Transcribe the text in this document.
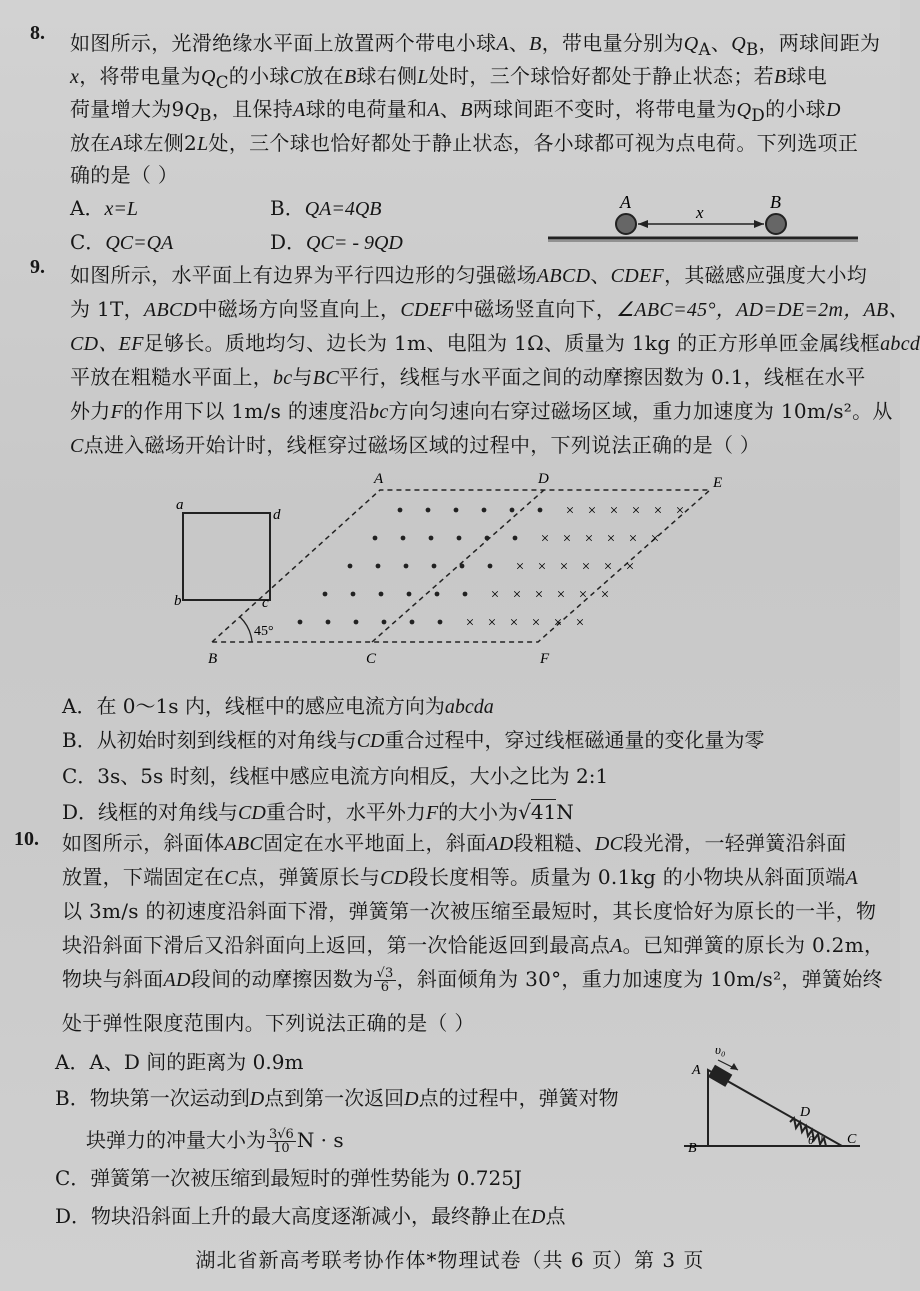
8. 如图所示，光滑绝缘水平面上放置两个带电小球A、B，带电量分别为$Q_A$、$Q_B$，两球间距为
x，将带电量为$Q_C$的小球C放在B球右侧L处时，三个球恰好都处于静止状态；若B球电
荷量增大为$9Q_B$，且保持A球的电荷量和A、B两球间距不变时，将带电量为$Q_D$的小球D
放在A球左侧2L处，三个球也恰好都处于静止状态，各小球都可视为点电荷。下列选项正
确的是（ ）
A．x=L	B．QA=4QB
C．QC=QA	D．QC= - 9QD
A	B
x
9. 如图所示，水平面上有边界为平行四边形的匀强磁场ABCD、CDEF，其磁感应强度大小均
为 1T，ABCD中磁场方向竖直向上，CDEF中磁场竖直向下，∠ABC=45°，AD=DE=2m，AB、
CD、EF足够长。质地均匀、边长为 1m、电阻为 1Ω、质量为 1kg 的正方形单匝金属线框abcd
平放在粗糙水平面上，bc与BC平行，线框与水平面之间的动摩擦因数为 0.1，线框在水平
外力F的作用下以 1m/s 的速度沿bc方向匀速向右穿过磁场区域，重力加速度为 10m/s²。从
C点进入磁场开始计时，线框穿过磁场区域的过程中，下列说法正确的是（ ）
a
d
b	c
45°
A	D	E
B	C	F
× × × × × ×
× × × × × ×
× × × × × ×
× × × × × ×
× × × × × ×
A．在 0～1s 内，线框中的感应电流方向为abcda
B．从初始时刻到线框的对角线与CD重合过程中，穿过线框磁通量的变化量为零
C．3s、5s 时刻，线框中感应电流方向相反，大小之比为 2:1
D．线框的对角线与CD重合时，水平外力F的大小为√41N
10. 如图所示，斜面体ABC固定在水平地面上，斜面AD段粗糙、DC段光滑，一轻弹簧沿斜面
放置，下端固定在C点，弹簧原长与CD段长度相等。质量为 0.1kg 的小物块从斜面顶端A
以 3m/s 的初速度沿斜面下滑，弹簧第一次被压缩至最短时，其长度恰好为原长的一半，物
块沿斜面下滑后又沿斜面向上返回，第一次恰能返回到最高点A。已知弹簧的原长为 0.2m，
物块与斜面AD段间的动摩擦因数为 $\frac{√3}{6}$ ，斜面倾角为 30°，重力加速度为 10m/s²，弹簧始终
处于弹性限度范围内。下列说法正确的是（ ）
A．A、D 间的距离为 0.9m
B．物块第一次运动到D点到第一次返回D点的过程中，弹簧对物
块弹力的冲量大小为 $\frac{3√6}{10}$ N · s
C．弹簧第一次被压缩到最短时的弹性势能为 0.725J
D．物块沿斜面上升的最大高度逐渐减小，最终静止在D点
υ₀
A
B
C
D
θ
湖北省新高考联考协作体*物理试卷（共 6 页）第 3 页
